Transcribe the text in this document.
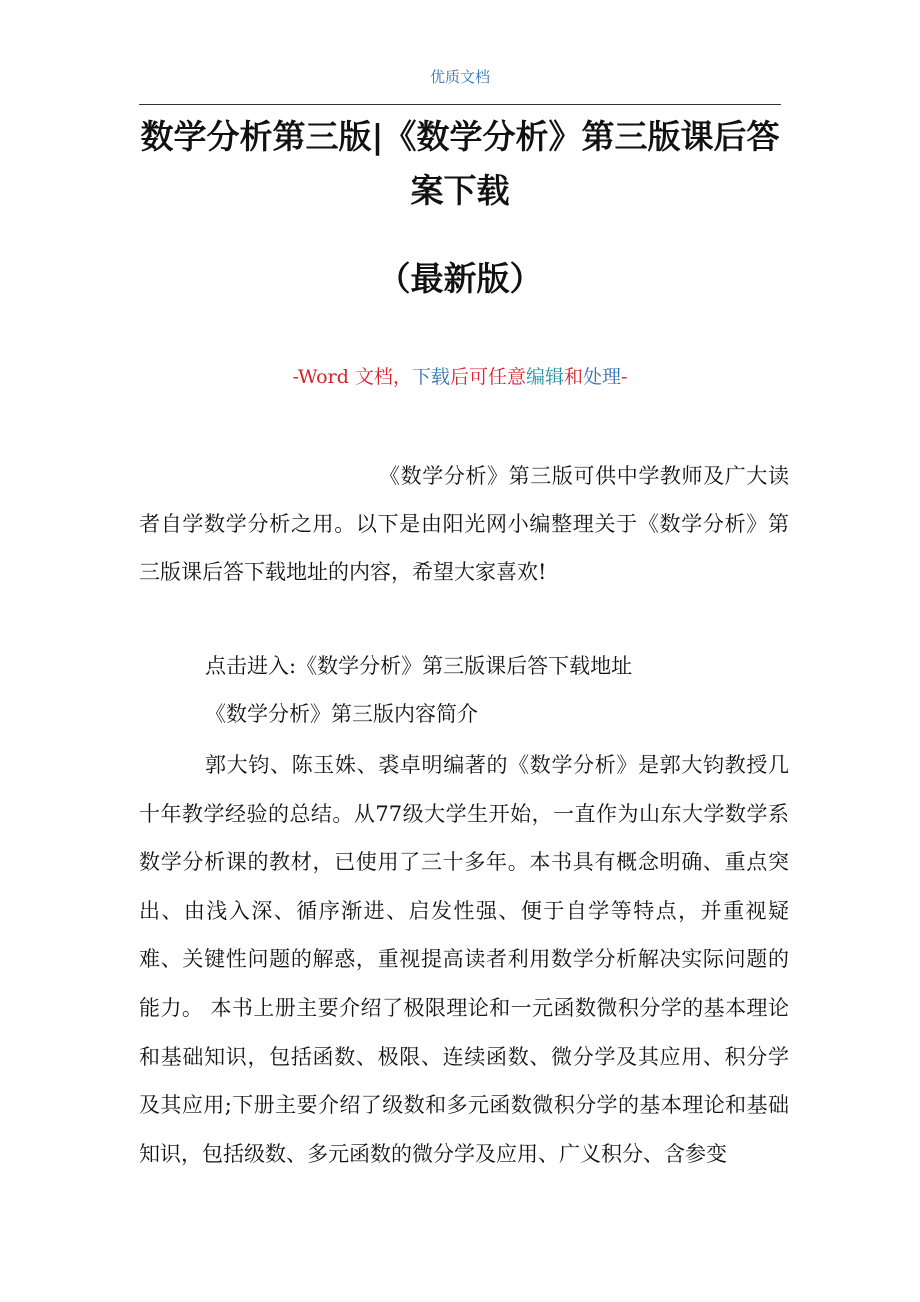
优质文档
数学分析第三版|《数学分析》第三版课后答案下载
（最新版）
-Word 文档，下载后可任意编辑和处理-
《数学分析》第三版可供中学教师及广大读者自学数学分析之用。以下是由阳光网小编整理关于《数学分析》第三版课后答下载地址的内容，希望大家喜欢!
点击进入:《数学分析》第三版课后答下载地址
《数学分析》第三版内容简介
郭大钧、陈玉姝、裘卓明编著的《数学分析》是郭大钧教授几十年教学经验的总结。从77级大学生开始，一直作为山东大学数学系数学分析课的教材，已使用了三十多年。本书具有概念明确、重点突出、由浅入深、循序渐进、启发性强、便于自学等特点，并重视疑难、关键性问题的解惑，重视提高读者利用数学分析解决实际问题的能力。 本书上册主要介绍了极限理论和一元函数微积分学的基本理论和基础知识，包括函数、极限、连续函数、微分学及其应用、积分学及其应用;下册主要介绍了级数和多元函数微积分学的基本理论和基础知识，包括级数、多元函数的微分学及应用、广义积分、含参变
